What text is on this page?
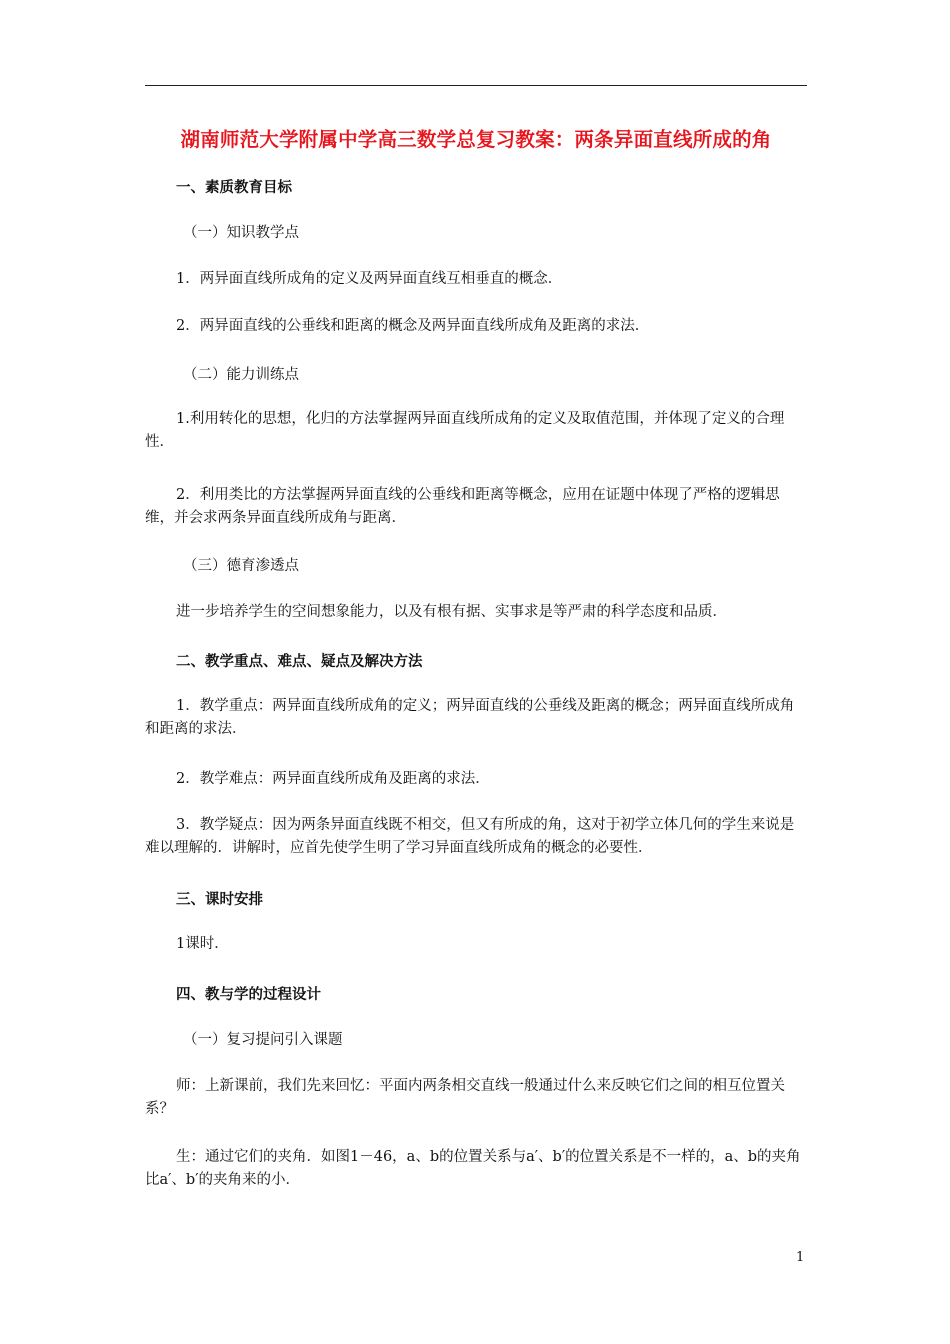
湖南师范大学附属中学高三数学总复习教案：两条异面直线所成的角
一、素质教育目标
（一）知识教学点

1．两异面直线所成角的定义及两异面直线互相垂直的概念．

2．两异面直线的公垂线和距离的概念及两异面直线所成角及距离的求法．

（二）能力训练点

1.利用转化的思想，化归的方法掌握两异面直线所成角的定义及取值范围，并体现了定义的合理性．

2．利用类比的方法掌握两异面直线的公垂线和距离等概念，应用在证题中体现了严格的逻辑思维，并会求两条异面直线所成角与距离．

（三）德育渗透点

进一步培养学生的空间想象能力，以及有根有据、实事求是等严肃的科学态度和品质．

二、教学重点、难点、疑点及解决方法

1．教学重点：两异面直线所成角的定义；两异面直线的公垂线及距离的概念；两异面直线所成角和距离的求法．

2．教学难点：两异面直线所成角及距离的求法．

3．教学疑点：因为两条异面直线既不相交，但又有所成的角，这对于初学立体几何的学生来说是难以理解的．讲解时，应首先使学生明了学习异面直线所成角的概念的必要性．

三、课时安排

1课时．

四、教与学的过程设计
（一）复习提问引入课题

师：上新课前，我们先来回忆：平面内两条相交直线一般通过什么来反映它们之间的相互位置关系？

生：通过它们的夹角．如图1－46，a、b的位置关系与a′、b′的位置关系是不一样的，a、b的夹角比a′、b′的夹角来的小．

1
